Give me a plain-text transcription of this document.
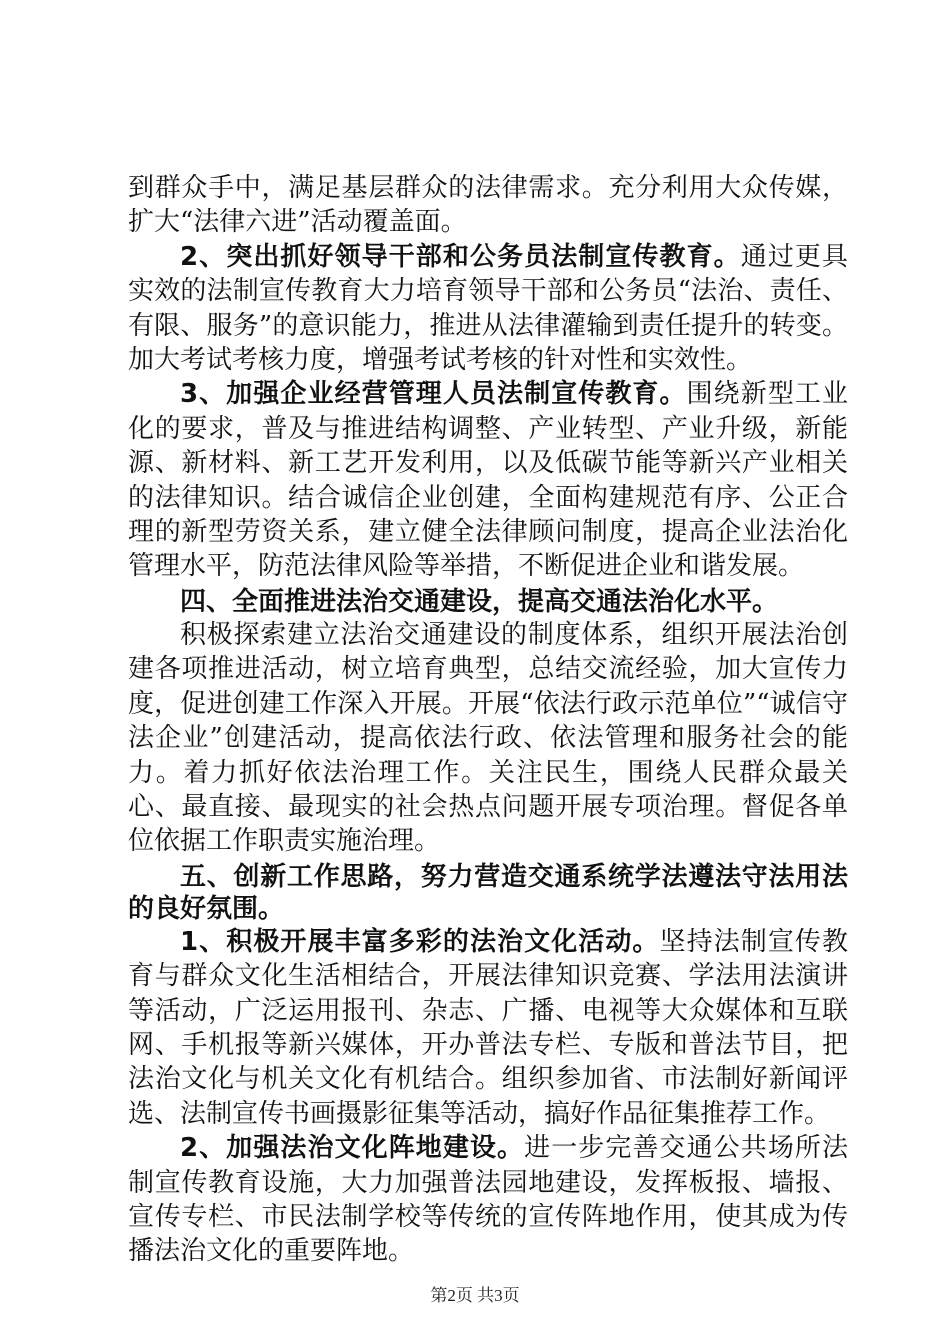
到群众手中，满足基层群众的法律需求。充分利用大众传媒，扩大“法律六进”活动覆盖面。

2、突出抓好领导干部和公务员法制宣传教育。通过更具实效的法制宣传教育大力培育领导干部和公务员“法治、责任、有限、服务”的意识能力，推进从法律灌输到责任提升的转变。加大考试考核力度，增强考试考核的针对性和实效性。

3、加强企业经营管理人员法制宣传教育。围绕新型工业化的要求，普及与推进结构调整、产业转型、产业升级，新能源、新材料、新工艺开发利用，以及低碳节能等新兴产业相关的法律知识。结合诚信企业创建，全面构建规范有序、公正合理的新型劳资关系，建立健全法律顾问制度，提高企业法治化管理水平，防范法律风险等举措，不断促进企业和谐发展。

四、全面推进法治交通建设，提高交通法治化水平。

积极探索建立法治交通建设的制度体系，组织开展法治创建各项推进活动，树立培育典型，总结交流经验，加大宣传力度，促进创建工作深入开展。开展“依法行政示范单位”“诚信守法企业”创建活动，提高依法行政、依法管理和服务社会的能力。着力抓好依法治理工作。关注民生，围绕人民群众最关心、最直接、最现实的社会热点问题开展专项治理。督促各单位依据工作职责实施治理。

五、创新工作思路，努力营造交通系统学法遵法守法用法的良好氛围。

1、积极开展丰富多彩的法治文化活动。坚持法制宣传教育与群众文化生活相结合，开展法律知识竞赛、学法用法演讲等活动，广泛运用报刊、杂志、广播、电视等大众媒体和互联网、手机报等新兴媒体，开办普法专栏、专版和普法节目，把法治文化与机关文化有机结合。组织参加省、市法制好新闻评选、法制宣传书画摄影征集等活动，搞好作品征集推荐工作。

2、加强法治文化阵地建设。进一步完善交通公共场所法制宣传教育设施，大力加强普法园地建设，发挥板报、墙报、宣传专栏、市民法制学校等传统的宣传阵地作用，使其成为传播法治文化的重要阵地。

第2页 共3页
